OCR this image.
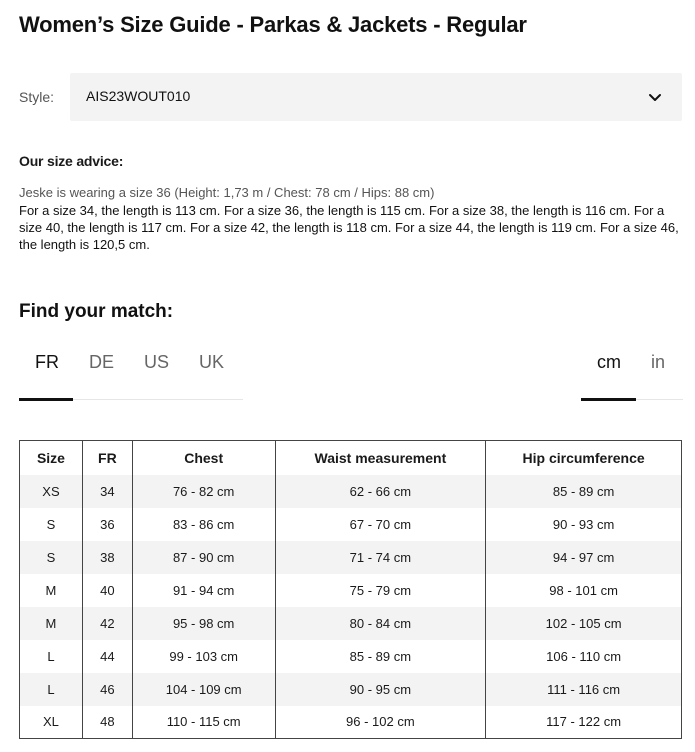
Women’s Size Guide - Parkas & Jackets - Regular
Style: AIS23WOUT010
Our size advice:
Jeske is wearing a size 36 (Height: 1,73 m / Chest: 78 cm / Hips: 88 cm)
For a size 34, the length is 113 cm. For a size 36, the length is 115 cm. For a size 38, the length is 116 cm. For a size 40, the length is 117 cm. For a size 42, the length is 118 cm. For a size 44, the length is 119 cm. For a size 46, the length is 120,5 cm.
Find your match:
FR DE US UK	cm in
Size	FR	Chest	Waist measurement	Hip circumference
XS	34	76 - 82 cm	62 - 66 cm	85 - 89 cm
S	36	83 - 86 cm	67 - 70 cm	90 - 93 cm
S	38	87 - 90 cm	71 - 74 cm	94 - 97 cm
M	40	91 - 94 cm	75 - 79 cm	98 - 101 cm
M	42	95 - 98 cm	80 - 84 cm	102 - 105 cm
L	44	99 - 103 cm	85 - 89 cm	106 - 110 cm
L	46	104 - 109 cm	90 - 95 cm	111 - 116 cm
XL	48	110 - 115 cm	96 - 102 cm	117 - 122 cm
